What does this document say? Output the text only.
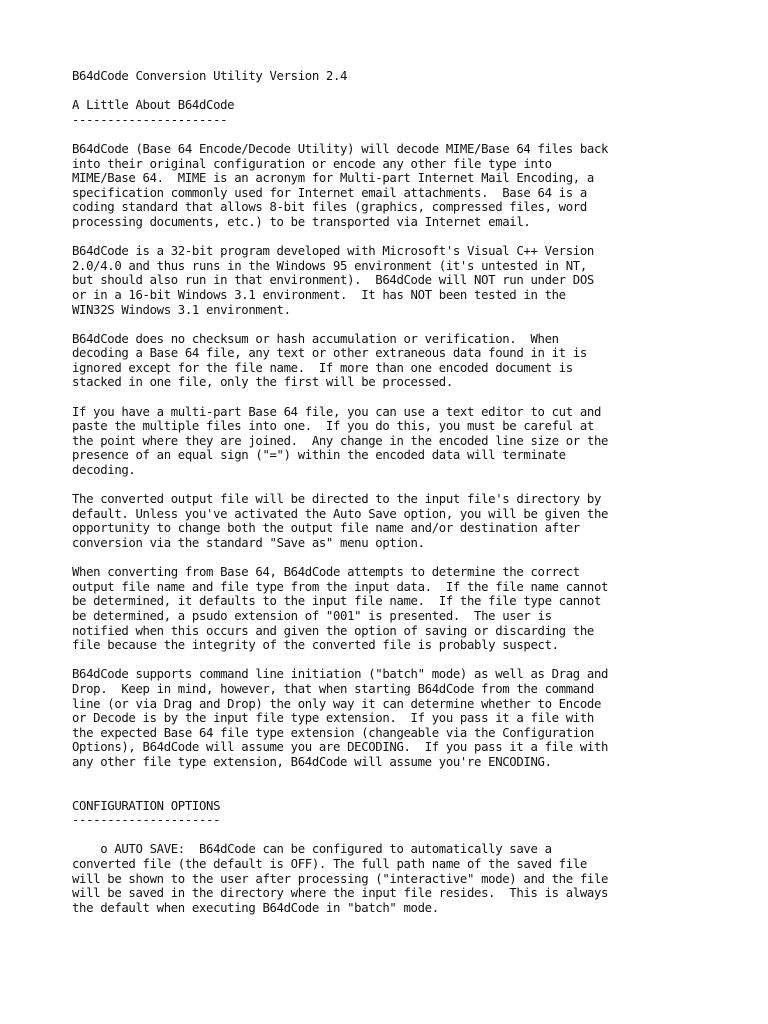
B64dCode Conversion Utility Version 2.4
A Little About B64dCode
----------------------
B64dCode (Base 64 Encode/Decode Utility) will decode MIME/Base 64 files back
into their original configuration or encode any other file type into
MIME/Base 64.  MIME is an acronym for Multi-part Internet Mail Encoding, a
specification commonly used for Internet email attachments.  Base 64 is a
coding standard that allows 8-bit files (graphics, compressed files, word
processing documents, etc.) to be transported via Internet email.
B64dCode is a 32-bit program developed with Microsoft's Visual C++ Version
2.0/4.0 and thus runs in the Windows 95 environment (it's untested in NT,
but should also run in that environment).  B64dCode will NOT run under DOS
or in a 16-bit Windows 3.1 environment.  It has NOT been tested in the
WIN32S Windows 3.1 environment.
B64dCode does no checksum or hash accumulation or verification.  When
decoding a Base 64 file, any text or other extraneous data found in it is
ignored except for the file name.  If more than one encoded document is
stacked in one file, only the first will be processed.
If you have a multi-part Base 64 file, you can use a text editor to cut and
paste the multiple files into one.  If you do this, you must be careful at
the point where they are joined.  Any change in the encoded line size or the
presence of an equal sign ("=") within the encoded data will terminate
decoding.
The converted output file will be directed to the input file's directory by
default. Unless you've activated the Auto Save option, you will be given the
opportunity to change both the output file name and/or destination after
conversion via the standard "Save as" menu option.
When converting from Base 64, B64dCode attempts to determine the correct
output file name and file type from the input data.  If the file name cannot
be determined, it defaults to the input file name.  If the file type cannot
be determined, a psudo extension of "001" is presented.  The user is
notified when this occurs and given the option of saving or discarding the
file because the integrity of the converted file is probably suspect.
B64dCode supports command line initiation ("batch" mode) as well as Drag and
Drop.  Keep in mind, however, that when starting B64dCode from the command
line (or via Drag and Drop) the only way it can determine whether to Encode
or Decode is by the input file type extension.  If you pass it a file with
the expected Base 64 file type extension (changeable via the Configuration
Options), B64dCode will assume you are DECODING.  If you pass it a file with
any other file type extension, B64dCode will assume you're ENCODING.
CONFIGURATION OPTIONS
---------------------
o AUTO SAVE:  B64dCode can be configured to automatically save a
converted file (the default is OFF). The full path name of the saved file
will be shown to the user after processing ("interactive" mode) and the file
will be saved in the directory where the input file resides.  This is always
the default when executing B64dCode in "batch" mode.
